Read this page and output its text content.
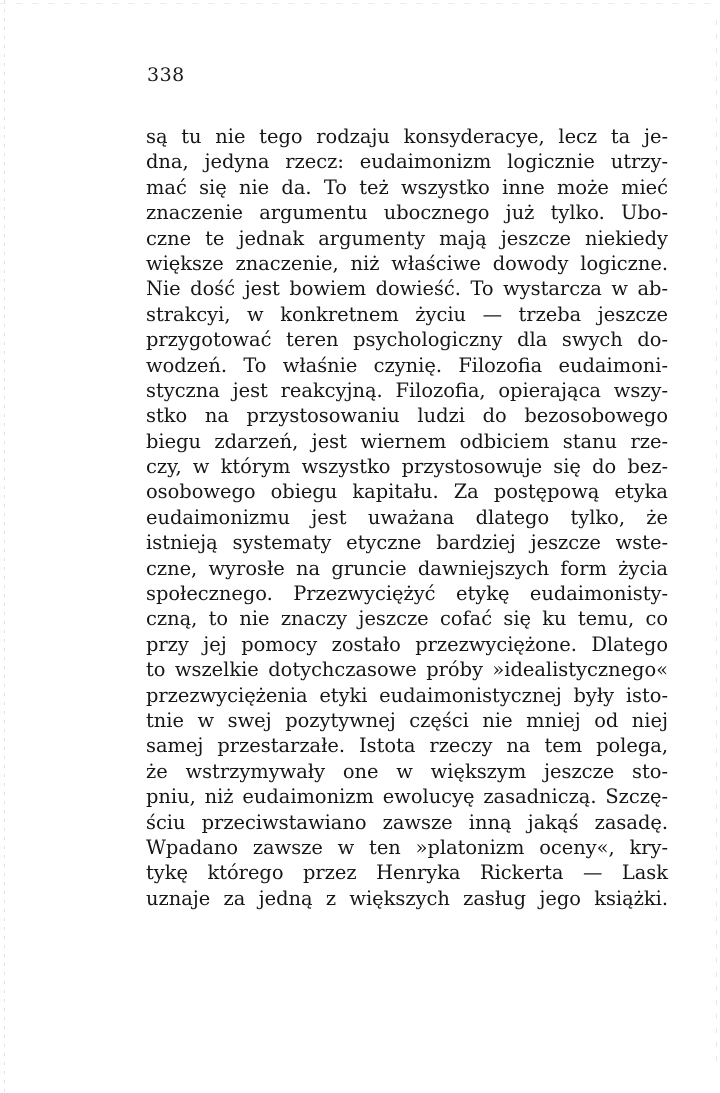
338
są tu nie tego rodzaju konsyderacye, lecz ta je-
dna, jedyna rzecz: eudaimonizm logicznie utrzy-
mać się nie da. To też wszystko inne może mieć
znaczenie argumentu ubocznego już tylko. Ubo-
czne te jednak argumenty mają jeszcze niekiedy
większe znaczenie, niż właściwe dowody logiczne.
Nie dość jest bowiem dowieść. To wystarcza w ab-
strakcyi, w konkretnem życiu — trzeba jeszcze
przygotować teren psychologiczny dla swych do-
wodzeń. To właśnie czynię. Filozofia eudaimoni-
styczna jest reakcyjną. Filozofia, opierająca wszy-
stko na przystosowaniu ludzi do bezosobowego
biegu zdarzeń, jest wiernem odbiciem stanu rze-
czy, w którym wszystko przystosowuje się do bez-
osobowego obiegu kapitału. Za postępową etyka
eudaimonizmu jest uważana dlatego tylko, że
istnieją systematy etyczne bardziej jeszcze wste-
czne, wyrosłe na gruncie dawniejszych form życia
społecznego. Przezwyciężyć etykę eudaimonisty-
czną, to nie znaczy jeszcze cofać się ku temu, co
przy jej pomocy zostało przezwyciężone. Dlatego
to wszelkie dotychczasowe próby »idealistycznego«
przezwyciężenia etyki eudaimonistycznej były isto-
tnie w swej pozytywnej części nie mniej od niej
samej przestarzałe. Istota rzeczy na tem polega,
że wstrzymywały one w większym jeszcze sto-
pniu, niż eudaimonizm ewolucyę zasadniczą. Szczę-
ściu przeciwstawiano zawsze inną jakąś zasadę.
Wpadano zawsze w ten »platonizm oceny«, kry-
tykę którego przez Henryka Rickerta — Lask
uznaje za jedną z większych zasług jego książki.
